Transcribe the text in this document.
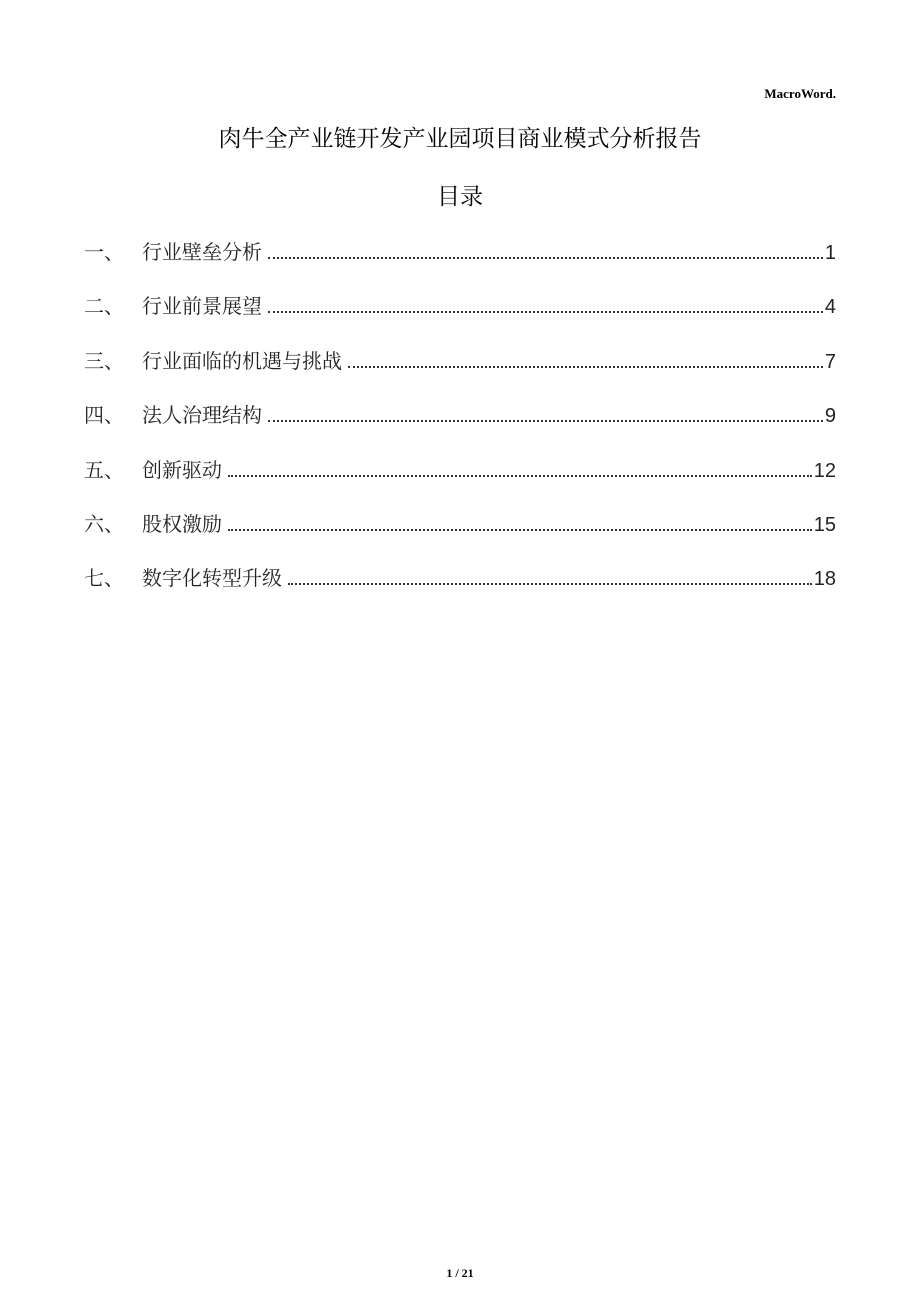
MacroWord.
肉牛全产业链开发产业园项目商业模式分析报告
目录
一、 行业壁垒分析	1
二、 行业前景展望	4
三、 行业面临的机遇与挑战	7
四、 法人治理结构	9
五、 创新驱动	12
六、 股权激励	15
七、 数字化转型升级	18
1 / 21
